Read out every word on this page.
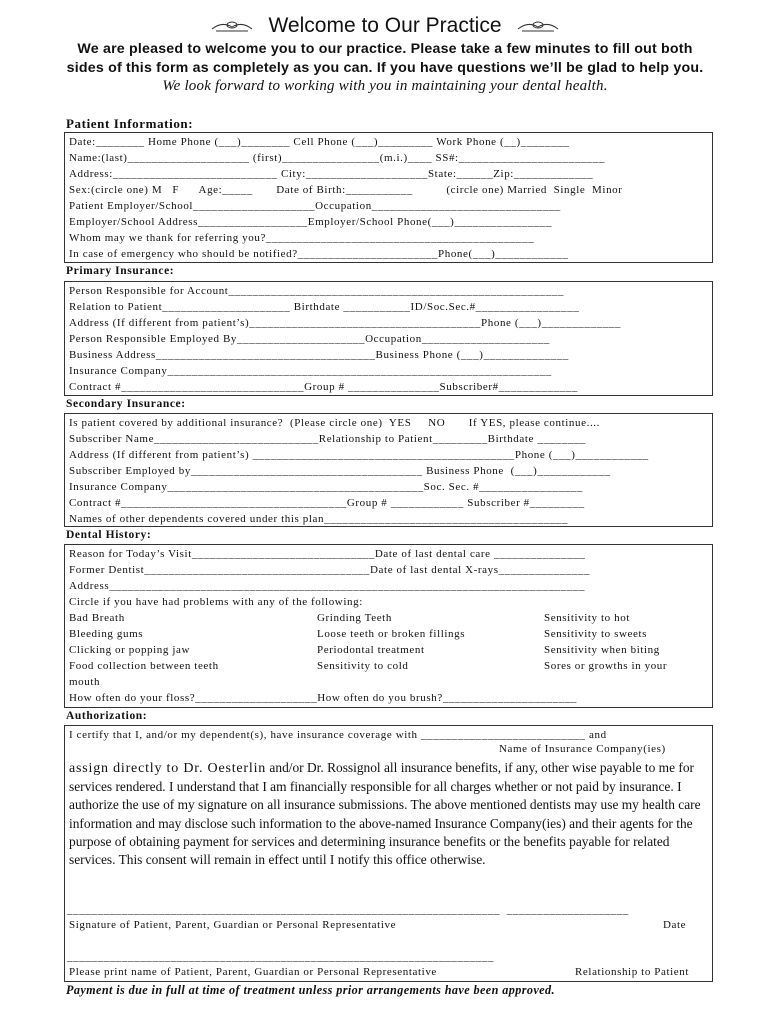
Welcome to Our Practice
We are pleased to welcome you to our practice. Please take a few minutes to fill out both sides of this form as completely as you can. If you have questions we’ll be glad to help you. We look forward to working with you in maintaining your dental health.
Patient Information:
Date:________ Home Phone (___)________ Cell Phone (___)_________ Work Phone (__)________
Name:(last)____________________ (first)________________(m.i.)____ SS#:________________________
Address:___________________________ City:____________________State:______Zip:_____________
Sex:(circle one) M   F      Age:_____       Date of Birth:___________          (circle one) Married  Single  Minor
Patient Employer/School____________________Occupation_______________________________
Employer/School Address__________________Employer/School Phone(___)________________
Whom may we thank for referring you?____________________________________________
In case of emergency who should be notified?_______________________Phone(___)____________
Primary Insurance:
Person Responsible for Account_______________________________________________________
Relation to Patient_____________________ Birthdate ___________ID/Soc.Sec.#_________________
Address (If different from patient’s)______________________________________Phone (___)_____________
Person Responsible Employed By_____________________Occupation_____________________
Business Address____________________________________Business Phone (___)______________
Insurance Company_______________________________________________________________
Contract #______________________________Group # _______________Subscriber#_____________
Secondary Insurance:
Is patient covered by additional insurance?  (Please circle one)  YES     NO       If YES, please continue....
Subscriber Name___________________________Relationship to Patient_________Birthdate ________
Address (If different from patient’s) ___________________________________________Phone (___)____________
Subscriber Employed by______________________________________ Business Phone  (___)____________
Insurance Company__________________________________________Soc. Sec. #_________________
Contract #_____________________________________Group # ____________ Subscriber #_________
Names of other dependents covered under this plan________________________________________
Dental History:
Reason for Today’s Visit______________________________Date of last dental care _______________
Former Dentist_____________________________________Date of last dental X-rays_______________
Address______________________________________________________________________________
Circle if you have had problems with any of the following:
Bad Breath
Bleeding gums
Clicking or popping jaw
Food collection between teeth
mouth
Grinding Teeth
Loose teeth or broken fillings
Periodontal treatment
Sensitivity to cold
Sensitivity to hot
Sensitivity to sweets
Sensitivity when biting
Sores or growths in your
How often do your floss?____________________How often do you brush?______________________
Authorization:
I certify that I, and/or my dependent(s), have insurance coverage with ___________________________ and
Name of Insurance Company(ies)
assign directly to Dr. Oesterlin and/or Dr. Rossignol all insurance benefits, if any, other wise payable to me for services rendered. I understand that I am financially responsible for all charges whether or not paid by insurance. I authorize the use of my signature on all insurance submissions. The above mentioned dentists may use my health care information and may disclose such information to the above-named Insurance Company(ies) and their agents for the purpose of obtaining payment for services and determining insurance benefits or the benefits payable for related services. This consent will remain in effect until I notify this office otherwise.
_______________________________________________________________________  ____________________
Signature of Patient, Parent, Guardian or Personal Representative	Date
______________________________________________________________________
Please print name of Patient, Parent, Guardian or Personal Representative	Relationship to Patient
Payment is due in full at time of treatment unless prior arrangements have been approved.
